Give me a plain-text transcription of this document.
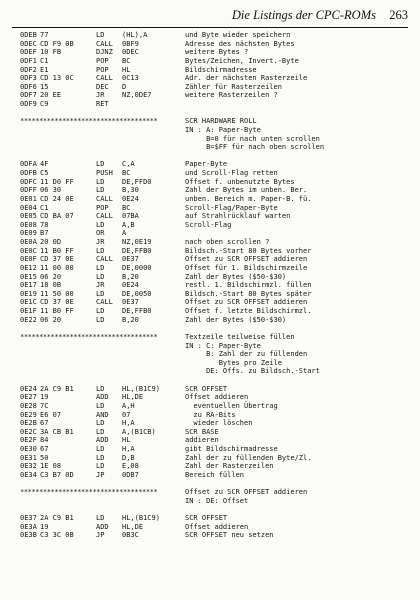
Die Listings der CPC-ROMs 263
0DEB 77	LD	(HL),A	und Byte wieder speichern
0DEC CD F9 0B	CALL 0BF9	Adresse des nächsten Bytes
0DEF 10 FB	DJNZ 0DEC	weitere Bytes ?
0DF1 C1	POP BC	Bytes/Zeichen, Invert.-Byte
0DF2 E1	POP HL	Bildschirmadresse
0DF3 CD 13 0C	CALL 0C13	Adr. der nächsten Rasterzeile
0DF6 15	DEC D	Zähler für Rasterzeilen
0DF7 20 EE	JR	NZ,0DE7	weitere Rasterzeilen ?
0DF9 C9	RET
************************************	SCR HARDWARE ROLL
IN : A: Paper-Byte
B=0 für nach unten scrollen
B=$FF für nach oben scrollen
0DFA 4F	LD	C,A	Paper-Byte
0DFB C5	PUSH BC	und Scroll-Flag retten
0DFC 11 D0 FF	LD	DE,FFD0	Offset f. unbenutzte Bytes
0DFF 06 30	LD	B,30	Zahl der Bytes im unben. Ber.
0E01 CD 24 0E	CALL 0E24	unben. Bereich m. Paper-B. fü.
0E04 C1	POP BC	Scroll-Flag/Paper-Byte
0E05 CD BA 07	CALL 07BA	auf Strahlrücklauf warten
0E08 78	LD	A,B	Scroll-Flag
0E09 B7	OR	A
0E0A 20 0D	JR	NZ,0E19	nach oben scrollen ?
0E0C 11 B0 FF	LD	DE,FFB0	Bildsch.-Start 80 Bytes vorher
0E0F CD 37 0E	CALL 0E37	Offset zu SCR OFFSET addieren
0E12 11 00 00	LD	DE,0000	Offset für 1. Bildschirmzeile
0E15 06 20	LD	B,20	Zahl der Bytes ($50-$30)
0E17 18 0B	JR	0E24	restl. 1. Bildschirmzl. füllen
0E19 11 50 00	LD	DE,0050	Bildsch.-Start 80 Bytes später
0E1C CD 37 0E	CALL 0E37	Offset zu SCR OFFSET addieren
0E1F 11 B0 FF	LD	DE,FFB0	Offset f. letzte Bildschirmzl.
0E22 06 20	LD	B,20	Zahl der Bytes ($50-$30)
************************************	Textzeile teilweise füllen
IN : C: Paper-Byte
B: Zahl der zu füllenden
Bytes pro Zeile
DE: Offs. zu Bildsch.-Start
0E24 2A C9 B1	LD	HL,(B1C9)	SCR OFFSET
0E27 19	ADD HL,DE	Offset addieren
0E28 7C	LD	A,H	eventuellen Übertrag
0E29 E6 07	AND 07	zu RA-Bits
0E2B 67	LD	H,A	wieder löschen
0E2C 3A CB B1	LD	A,(B1CB)	SCR BASE
0E2F 84	ADD HL	addieren
0E30 67	LD	H,A	gibt Bildschirmadresse
0E31 50	LD	D,B	Zahl der zu füllenden Byte/Zl.
0E32 1E 08	LD	E,08	Zahl der Rasterzeilen
0E34 C3 B7 0D	JP	0DB7	Bereich füllen
************************************	Offset zu SCR OFFSET addieren
IN : DE: Offset
0E37 2A C9 B1	LD	HL,(B1C9)	SCR OFFSET
0E3A 19	ADD HL,DE	Offset addieren
0E3B C3 3C 0B	JP	0B3C	SCR OFFSET neu setzen
